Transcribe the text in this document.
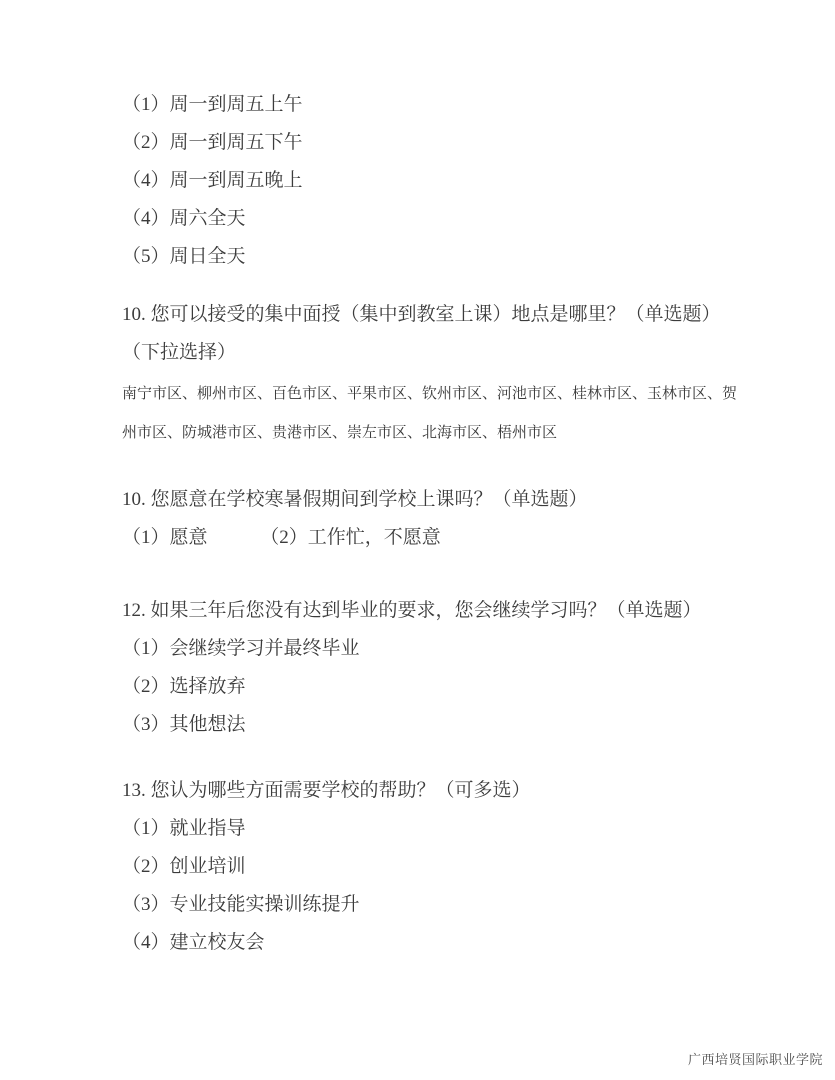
（1）周一到周五上午

（2）周一到周五下午

（4）周一到周五晚上

（4）周六全天

（5）周日全天

10. 您可以接受的集中面授（集中到教室上课）地点是哪里？（单选题）

（下拉选择）

南宁市区、柳州市区、百色市区、平果市区、钦州市区、河池市区、桂林市区、玉林市区、贺州市区、防城港市区、贵港市区、崇左市区、北海市区、梧州市区

10. 您愿意在学校寒暑假期间到学校上课吗？（单选题）

（1）愿意	（2）工作忙，不愿意

12. 如果三年后您没有达到毕业的要求，您会继续学习吗？（单选题）

（1）会继续学习并最终毕业

（2）选择放弃

（3）其他想法

13. 您认为哪些方面需要学校的帮助？（可多选）

（1）就业指导

（2）创业培训

（3）专业技能实操训练提升

（4）建立校友会

广西培贤国际职业学院
